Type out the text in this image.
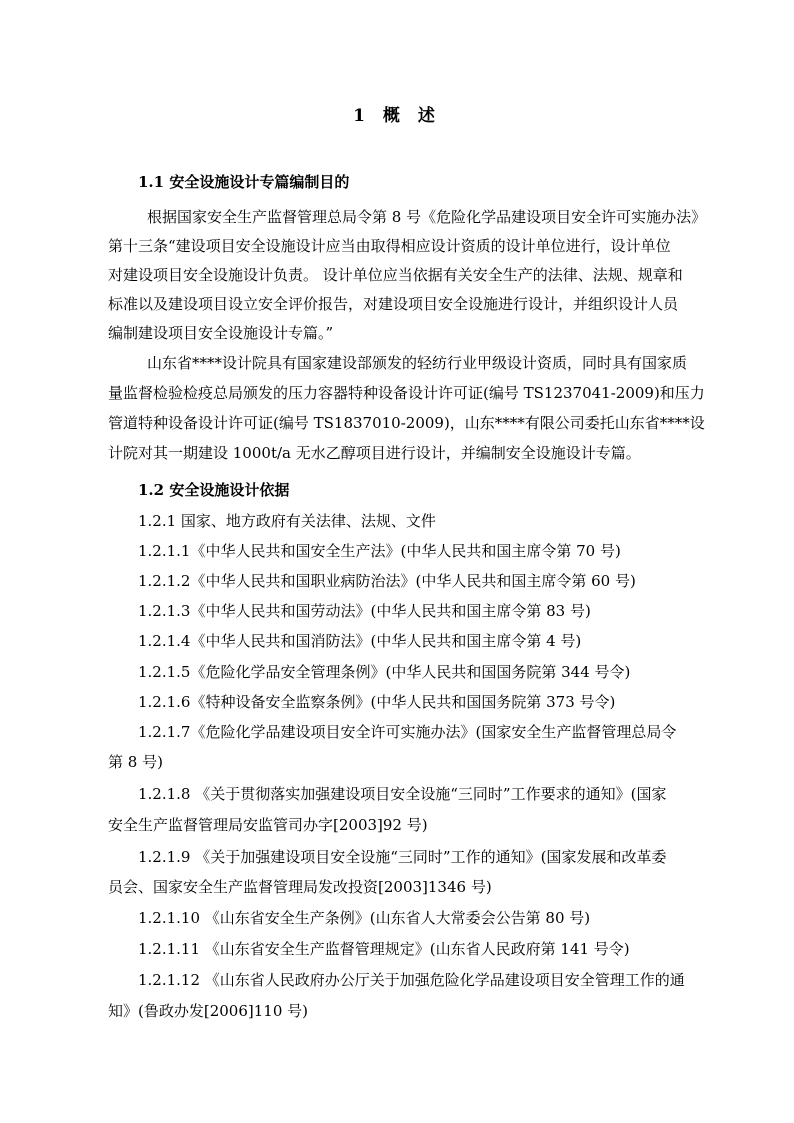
1 概 述
1.1 安全设施设计专篇编制目的
根据国家安全生产监督管理总局令第 8 号《危险化学品建设项目安全许可实施办法》
第十三条“建设项目安全设施设计应当由取得相应设计资质的设计单位进行，设计单位
对建设项目安全设施设计负责。 设计单位应当依据有关安全生产的法律、法规、规章和
标准以及建设项目设立安全评价报告，对建设项目安全设施进行设计，并组织设计人员
编制建设项目安全设施设计专篇。”
山东省****设计院具有国家建设部颁发的轻纺行业甲级设计资质，同时具有国家质
量监督检验检疫总局颁发的压力容器特种设备设计许可证(编号 TS1237041-2009)和压力
管道特种设备设计许可证(编号 TS1837010-2009)，山东****有限公司委托山东省****设
计院对其一期建设 1000t/a 无水乙醇项目进行设计，并编制安全设施设计专篇。
1.2 安全设施设计依据
1.2.1 国家、地方政府有关法律、法规、文件
1.2.1.1《中华人民共和国安全生产法》(中华人民共和国主席令第 70 号)
1.2.1.2《中华人民共和国职业病防治法》(中华人民共和国主席令第 60 号)
1.2.1.3《中华人民共和国劳动法》(中华人民共和国主席令第 83 号)
1.2.1.4《中华人民共和国消防法》(中华人民共和国主席令第 4 号)
1.2.1.5《危险化学品安全管理条例》(中华人民共和国国务院第 344 号令)
1.2.1.6《特种设备安全监察条例》(中华人民共和国国务院第 373 号令)
1.2.1.7《危险化学品建设项目安全许可实施办法》(国家安全生产监督管理总局令
第 8 号)
1.2.1.8 《关于贯彻落实加强建设项目安全设施“三同时”工作要求的通知》(国家
安全生产监督管理局安监管司办字[2003]92 号)
1.2.1.9 《关于加强建设项目安全设施“三同时”工作的通知》(国家发展和改革委
员会、国家安全生产监督管理局发改投资[2003]1346 号)
1.2.1.10 《山东省安全生产条例》(山东省人大常委会公告第 80 号)
1.2.1.11 《山东省安全生产监督管理规定》(山东省人民政府第 141 号令)
1.2.1.12 《山东省人民政府办公厅关于加强危险化学品建设项目安全管理工作的通
知》(鲁政办发[2006]110 号)
